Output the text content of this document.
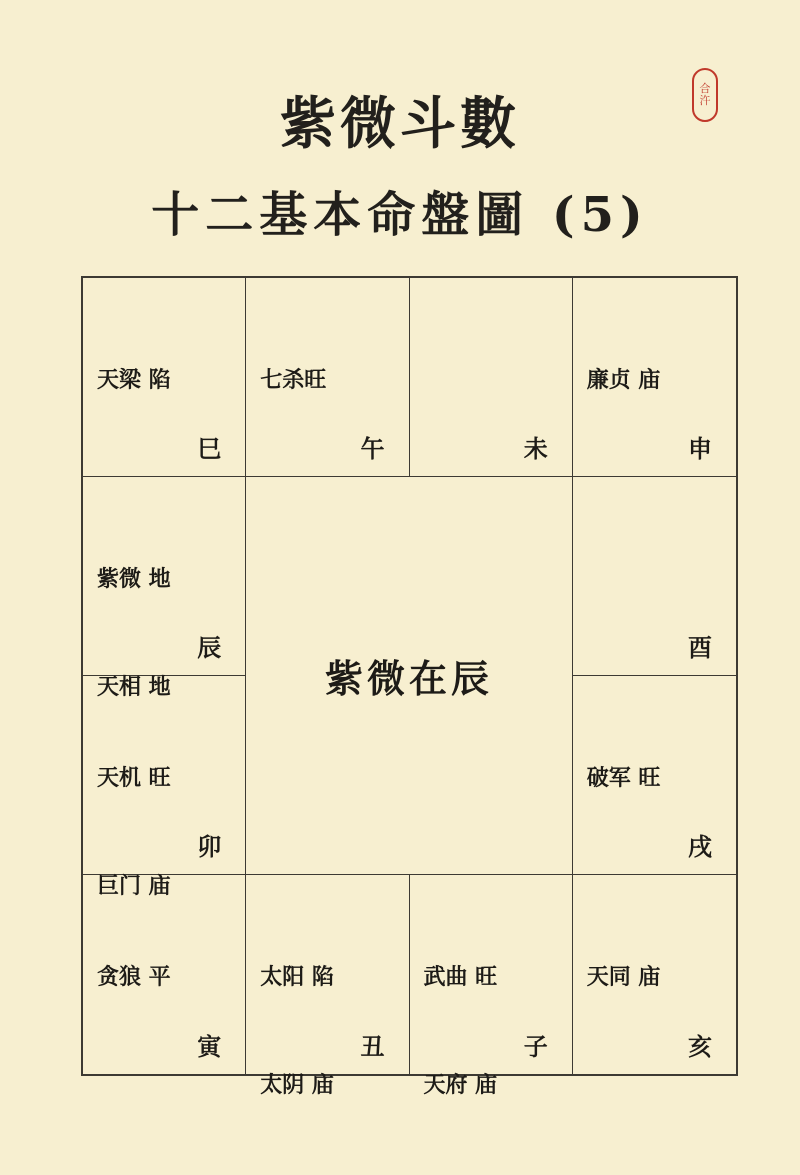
紫微斗數
十二基本命盤圖 (5)
合
汻

天梁 陷

巳

七杀旺

午	未

廉贞 庙

申

紫微 地

天相 地

辰
紫微在辰
酉

天机 旺

巨门 庙

卯

破军 旺

戌

贪狼 平

寅

太阳 陷

太阴 庙

丑

武曲 旺

天府 庙

子

天同 庙

亥
